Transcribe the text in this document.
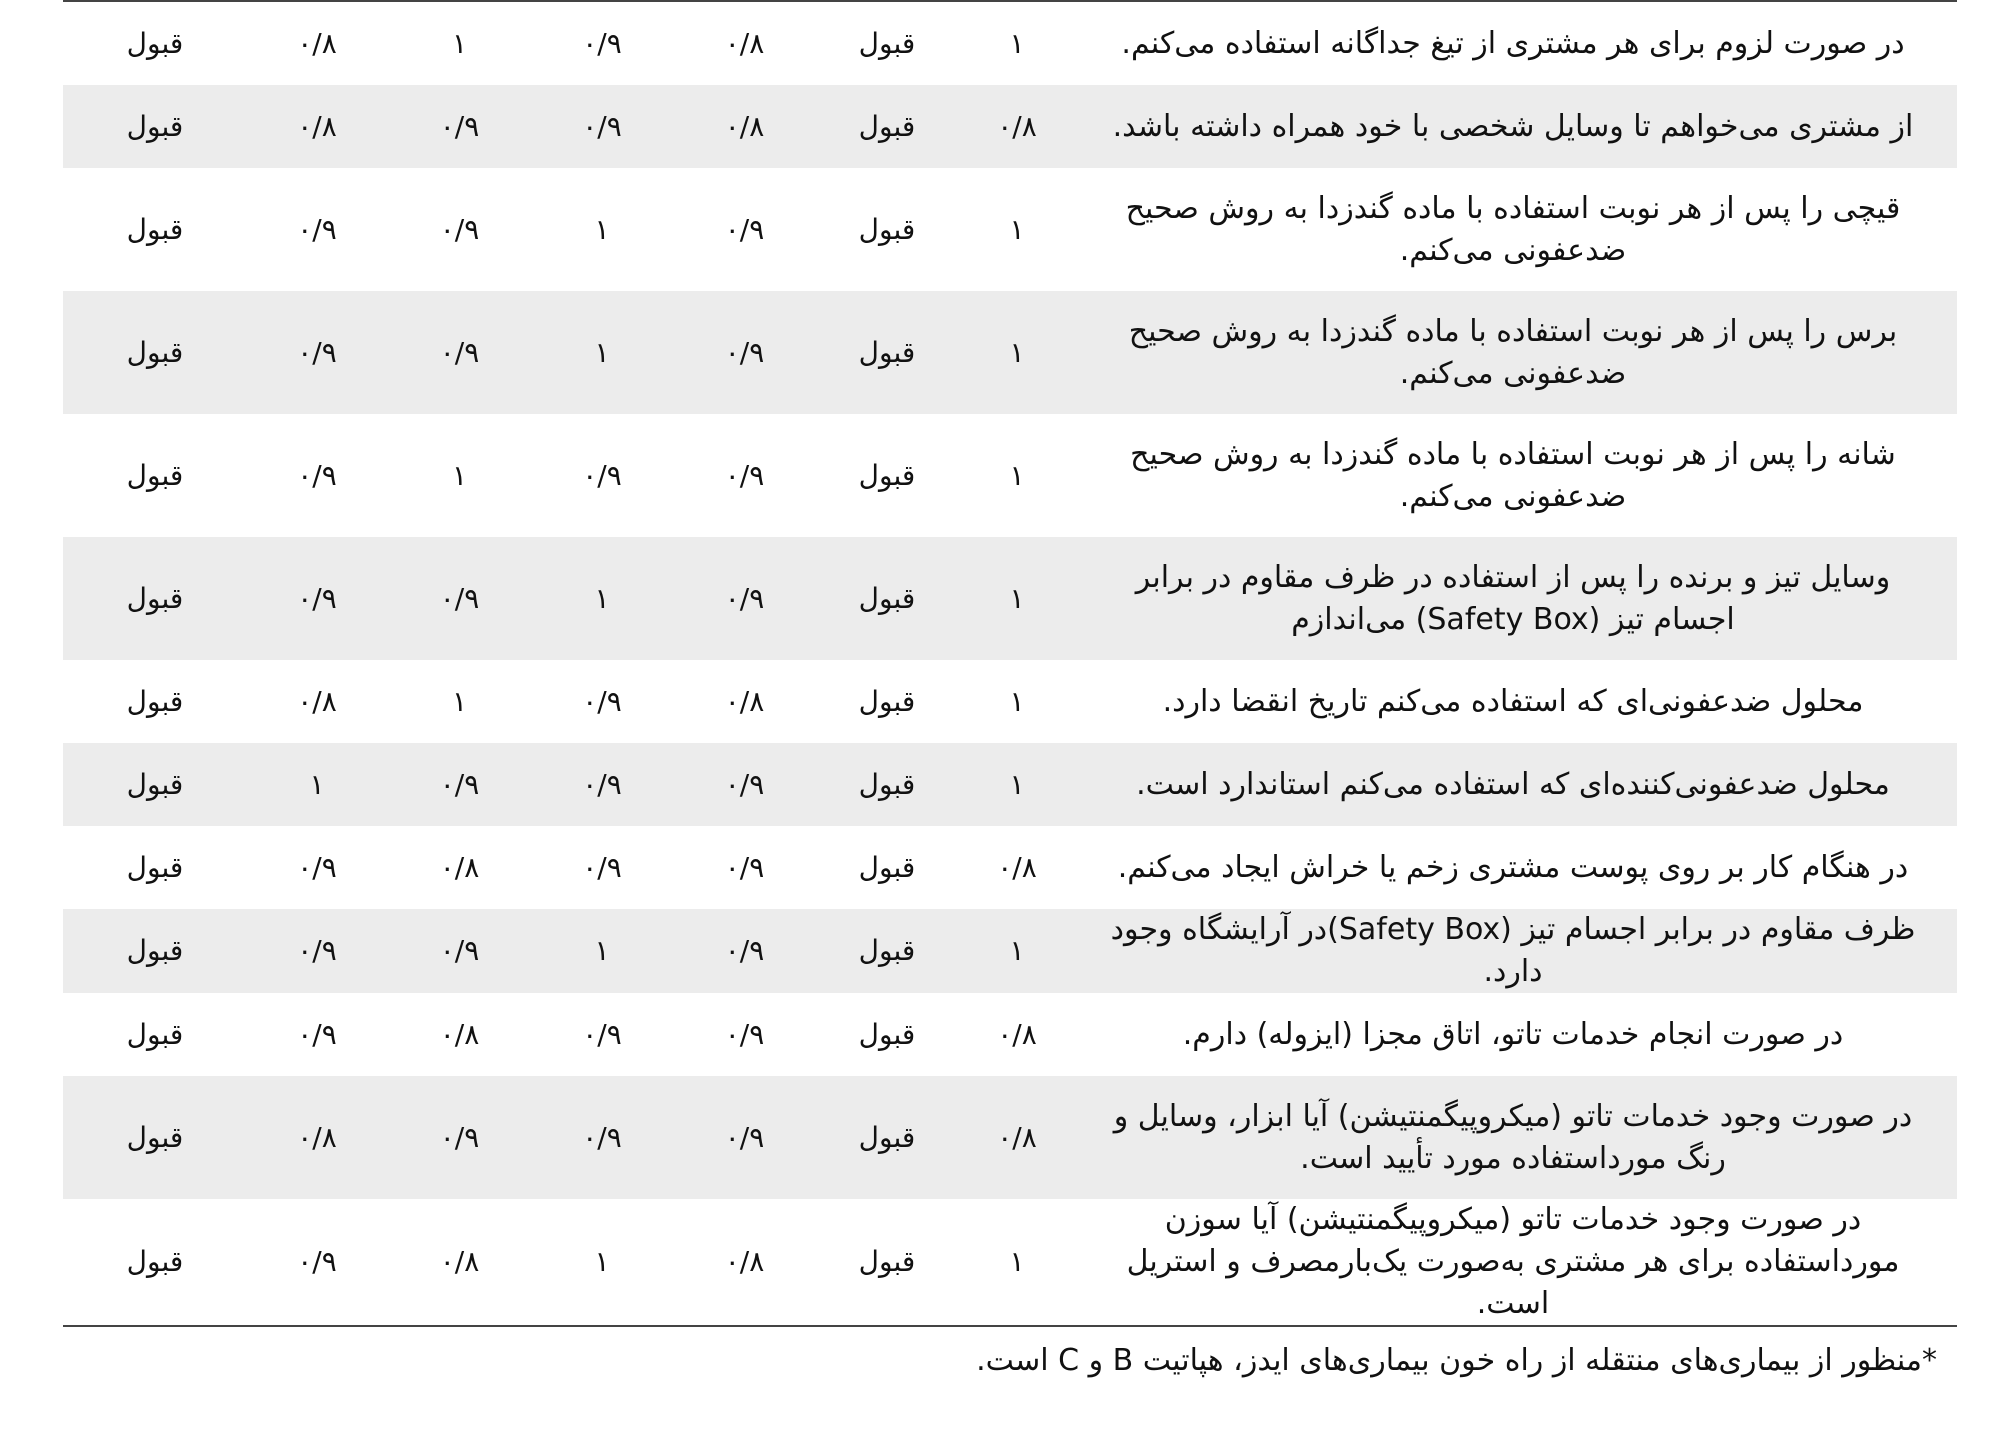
در صورت لزوم برای هر مشتری از تیغ جداگانه استفاده می‌کنم.	۱	قبول	۰/۸	۰/۹	۱	۰/۸	قبول
از مشتری می‌خواهم تا وسایل شخصی با خود همراه داشته باشد.	۰/۸	قبول	۰/۸	۰/۹	۰/۹	۰/۸	قبول
قیچی را پس از هر نوبت استفاده با ماده گندزدا به روش صحیح ضدعفونی می‌کنم.	۱	قبول	۰/۹	۱	۰/۹	۰/۹	قبول
برس را پس از هر نوبت استفاده با ماده گندزدا به روش صحیح ضدعفونی می‌کنم.	۱	قبول	۰/۹	۱	۰/۹	۰/۹	قبول
شانه را پس از هر نوبت استفاده با ماده گندزدا به روش صحیح ضدعفونی می‌کنم.	۱	قبول	۰/۹	۰/۹	۱	۰/۹	قبول
وسایل تیز و برنده را پس از استفاده در ظرف مقاوم در برابر اجسام تیز (Safety Box) می‌اندازم	۱	قبول	۰/۹	۱	۰/۹	۰/۹	قبول
محلول ضدعفونی‌ای که استفاده می‌کنم تاریخ انقضا دارد.	۱	قبول	۰/۸	۰/۹	۱	۰/۸	قبول
محلول ضدعفونی‌کننده‌ای که استفاده می‌کنم استاندارد است.	۱	قبول	۰/۹	۰/۹	۰/۹	۱	قبول
در هنگام کار بر روی پوست مشتری زخم یا خراش ایجاد می‌کنم.	۰/۸	قبول	۰/۹	۰/۹	۰/۸	۰/۹	قبول
ظرف مقاوم در برابر اجسام تیز (Safety Box)در آرایشگاه وجود دارد.	۱	قبول	۰/۹	۱	۰/۹	۰/۹	قبول
در صورت انجام خدمات تاتو، اتاق مجزا (ایزوله) دارم.	۰/۸	قبول	۰/۹	۰/۹	۰/۸	۰/۹	قبول
در صورت وجود خدمات تاتو (میکروپیگمنتیشن) آیا ابزار، وسایل و رنگ مورداستفاده مورد تأیید است.	۰/۸	قبول	۰/۹	۰/۹	۰/۹	۰/۸	قبول
در صورت وجود خدمات تاتو (میکروپیگمنتیشن) آیا سوزن مورداستفاده برای هر مشتری به‌صورت یک‌بارمصرف و استریل است.	۱	قبول	۰/۸	۱	۰/۸	۰/۹	قبول
*منظور از بیماری‌های منتقله از راه خون بیماری‌های ایدز، هپاتیت B و C است.
